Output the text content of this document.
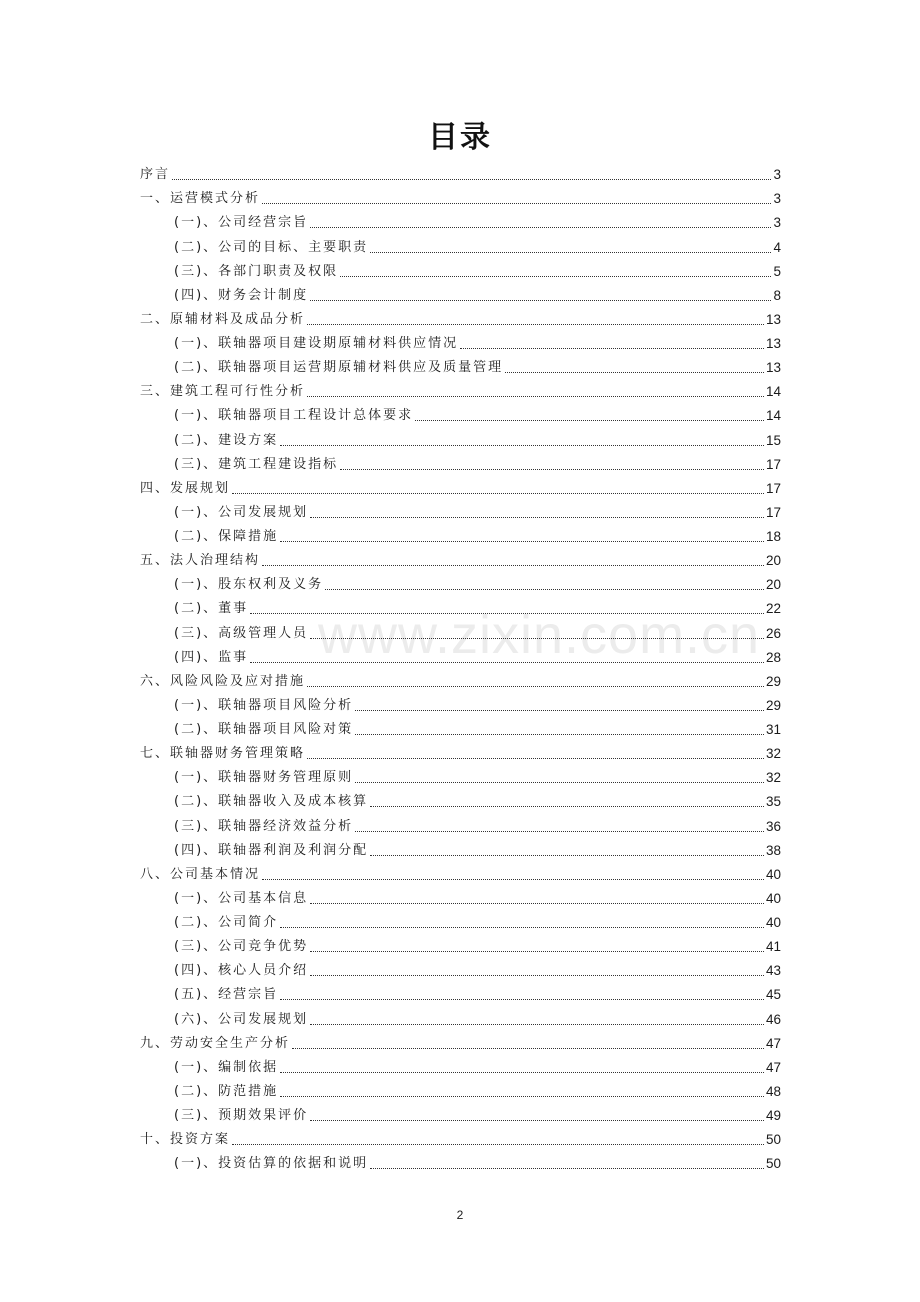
目录
www.zixin.com.cn
序言	3
一、运营模式分析	3
(一)、公司经营宗旨	3
(二)、公司的目标、主要职责	4
(三)、各部门职责及权限	5
(四)、财务会计制度	8
二、原辅材料及成品分析	13
(一)、联轴器项目建设期原辅材料供应情况	13
(二)、联轴器项目运营期原辅材料供应及质量管理	13
三、建筑工程可行性分析	14
(一)、联轴器项目工程设计总体要求	14
(二)、建设方案	15
(三)、建筑工程建设指标	17
四、发展规划	17
(一)、公司发展规划	17
(二)、保障措施	18
五、法人治理结构	20
(一)、股东权利及义务	20
(二)、董事	22
(三)、高级管理人员	26
(四)、监事	28
六、风险风险及应对措施	29
(一)、联轴器项目风险分析	29
(二)、联轴器项目风险对策	31
七、联轴器财务管理策略	32
(一)、联轴器财务管理原则	32
(二)、联轴器收入及成本核算	35
(三)、联轴器经济效益分析	36
(四)、联轴器利润及利润分配	38
八、公司基本情况	40
(一)、公司基本信息	40
(二)、公司简介	40
(三)、公司竞争优势	41
(四)、核心人员介绍	43
(五)、经营宗旨	45
(六)、公司发展规划	46
九、劳动安全生产分析	47
(一)、编制依据	47
(二)、防范措施	48
(三)、预期效果评价	49
十、投资方案	50
(一)、投资估算的依据和说明	50
2
